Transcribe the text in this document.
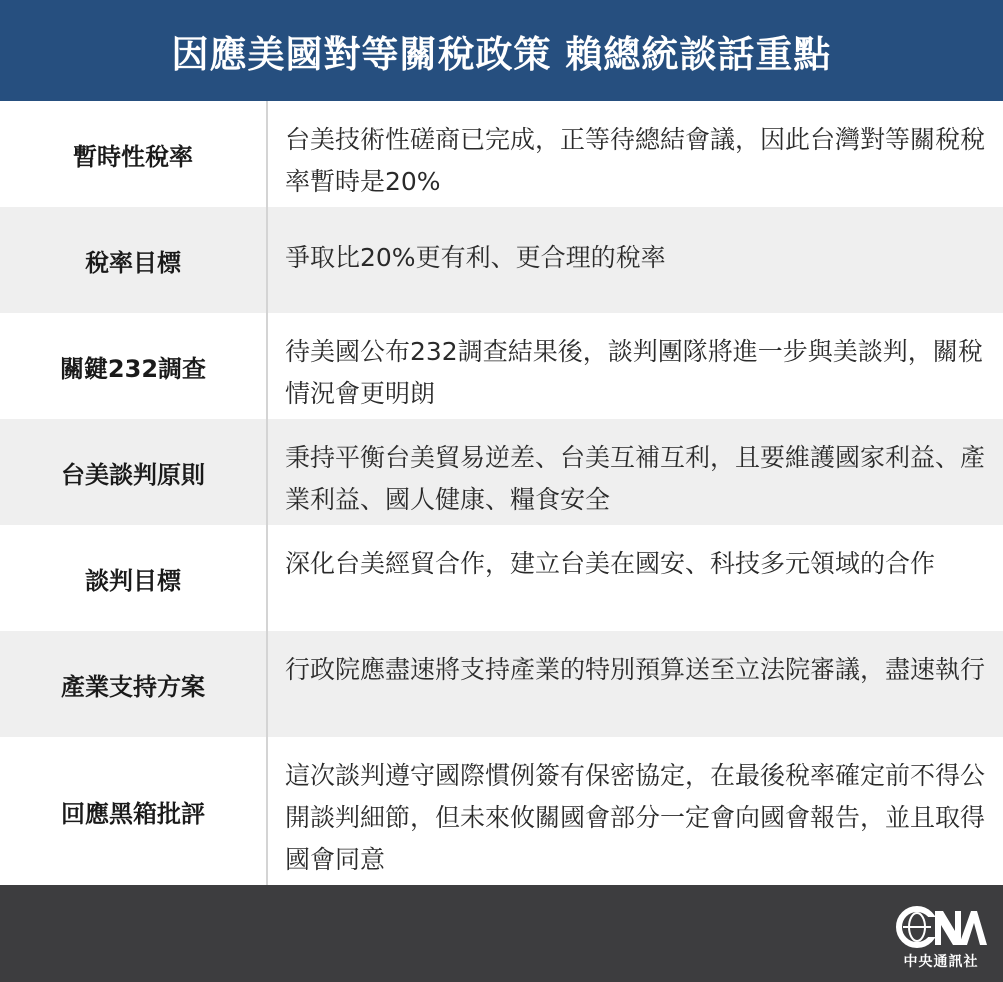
因應美國對等關稅政策 賴總統談話重點
暫時性稅率
台美技術性磋商已完成，正等待總結會議，因此台灣對等關稅稅率暫時是20%
稅率目標	爭取比20%更有利、更合理的稅率
關鍵232調查
待美國公布232調查結果後，談判團隊將進一步與美談判，關稅情況會更明朗
台美談判原則
秉持平衡台美貿易逆差、台美互補互利，且要維護國家利益、產業利益、國人健康、糧食安全
談判目標
深化台美經貿合作，建立台美在國安、科技多元領域的合作
產業支持方案
行政院應盡速將支持產業的特別預算送至立法院審議，盡速執行
回應黑箱批評
這次談判遵守國際慣例簽有保密協定，在最後稅率確定前不得公開談判細節，但未來攸關國會部分一定會向國會報告，並且取得國會同意
中央通訊社
